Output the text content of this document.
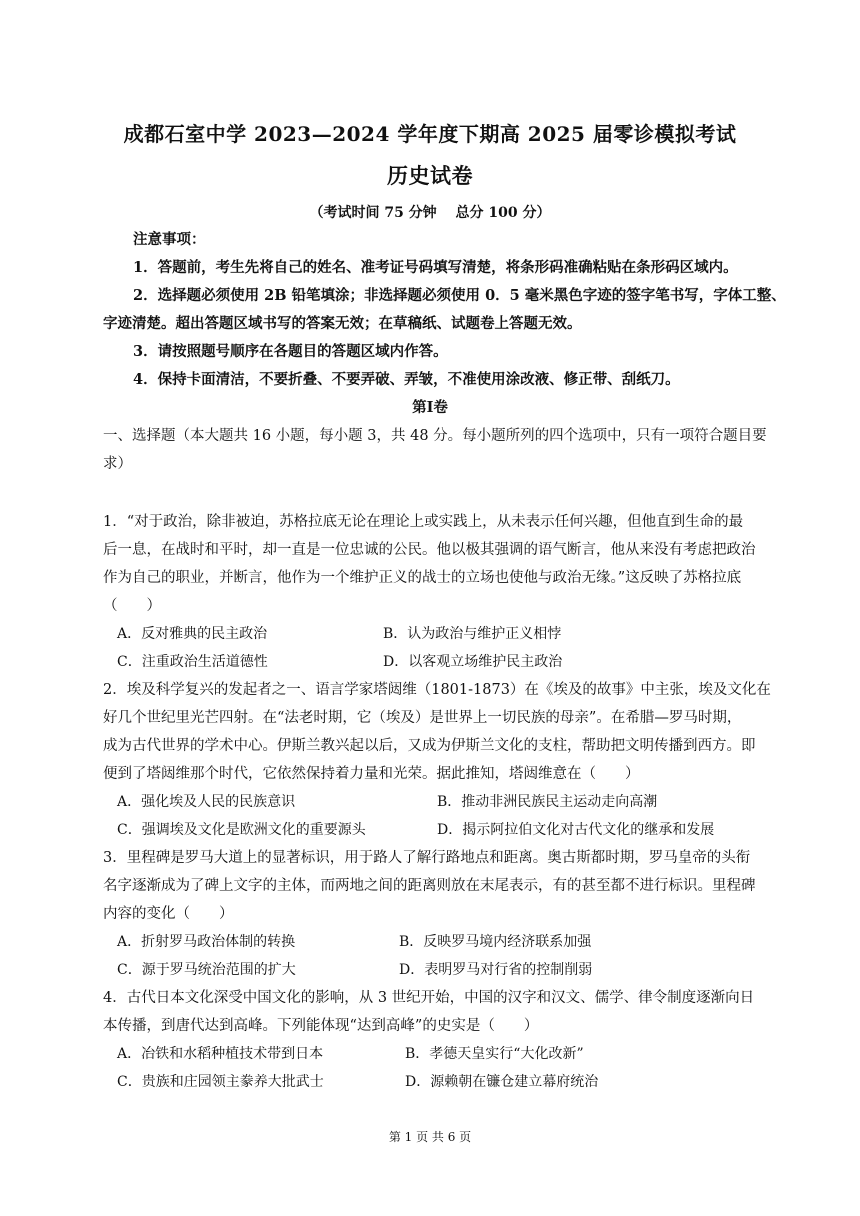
成都石室中学 2023—2024 学年度下期高 2025 届零诊模拟考试
历史试卷
（考试时间 75 分钟　 总分 100 分）
注意事项：
1．答题前，考生先将自己的姓名、准考证号码填写清楚，将条形码准确粘贴在条形码区域内。
2．选择题必须使用 2B 铅笔填涂；非选择题必须使用 0．5 毫米黑色字迹的签字笔书写，字体工整、
字迹清楚。超出答题区域书写的答案无效；在草稿纸、试题卷上答题无效。
3．请按照题号顺序在各题目的答题区域内作答。
4．保持卡面清洁，不要折叠、不要弄破、弄皱，不准使用涂改液、修正带、刮纸刀。
第Ⅰ卷
一、选择题（本大题共 16 小题，每小题 3，共 48 分。每小题所列的四个选项中，只有一项符合题目要
求）
1．“对于政治，除非被迫，苏格拉底无论在理论上或实践上，从未表示任何兴趣，但他直到生命的最
后一息，在战时和平时，却一直是一位忠诚的公民。他以极其强调的语气断言，他从来没有考虑把政治
作为自己的职业，并断言，他作为一个维护正义的战士的立场也使他与政治无缘。”这反映了苏格拉底
（　　）
A．反对雅典的民主政治	B．认为政治与维护正义相悖
C．注重政治生活道德性	D．以客观立场维护民主政治
2．埃及科学复兴的发起者之一、语言学家塔闼维（1801-1873）在《埃及的故事》中主张，埃及文化在
好几个世纪里光芒四射。在“法老时期，它（埃及）是世界上一切民族的母亲”。在希腊—罗马时期，
成为古代世界的学术中心。伊斯兰教兴起以后，又成为伊斯兰文化的支柱，帮助把文明传播到西方。即
便到了塔闼维那个时代，它依然保持着力量和光荣。据此推知，塔闼维意在（　　）
A．强化埃及人民的民族意识	B．推动非洲民族民主运动走向高潮
C．强调埃及文化是欧洲文化的重要源头	D．揭示阿拉伯文化对古代文化的继承和发展
3．里程碑是罗马大道上的显著标识，用于路人了解行路地点和距离。奥古斯都时期，罗马皇帝的头衔
名字逐渐成为了碑上文字的主体，而两地之间的距离则放在末尾表示，有的甚至都不进行标识。里程碑
内容的变化（　　）
A．折射罗马政治体制的转换	B．反映罗马境内经济联系加强
C．源于罗马统治范围的扩大	D．表明罗马对行省的控制削弱
4．古代日本文化深受中国文化的影响，从 3 世纪开始，中国的汉字和汉文、儒学、律令制度逐渐向日
本传播，到唐代达到高峰。下列能体现“达到高峰”的史实是（　　）
A．冶铁和水稻种植技术带到日本	B．孝德天皇实行“大化改新”
C．贵族和庄园领主豢养大批武士	D．源赖朝在镰仓建立幕府统治
第 1 页 共 6 页
